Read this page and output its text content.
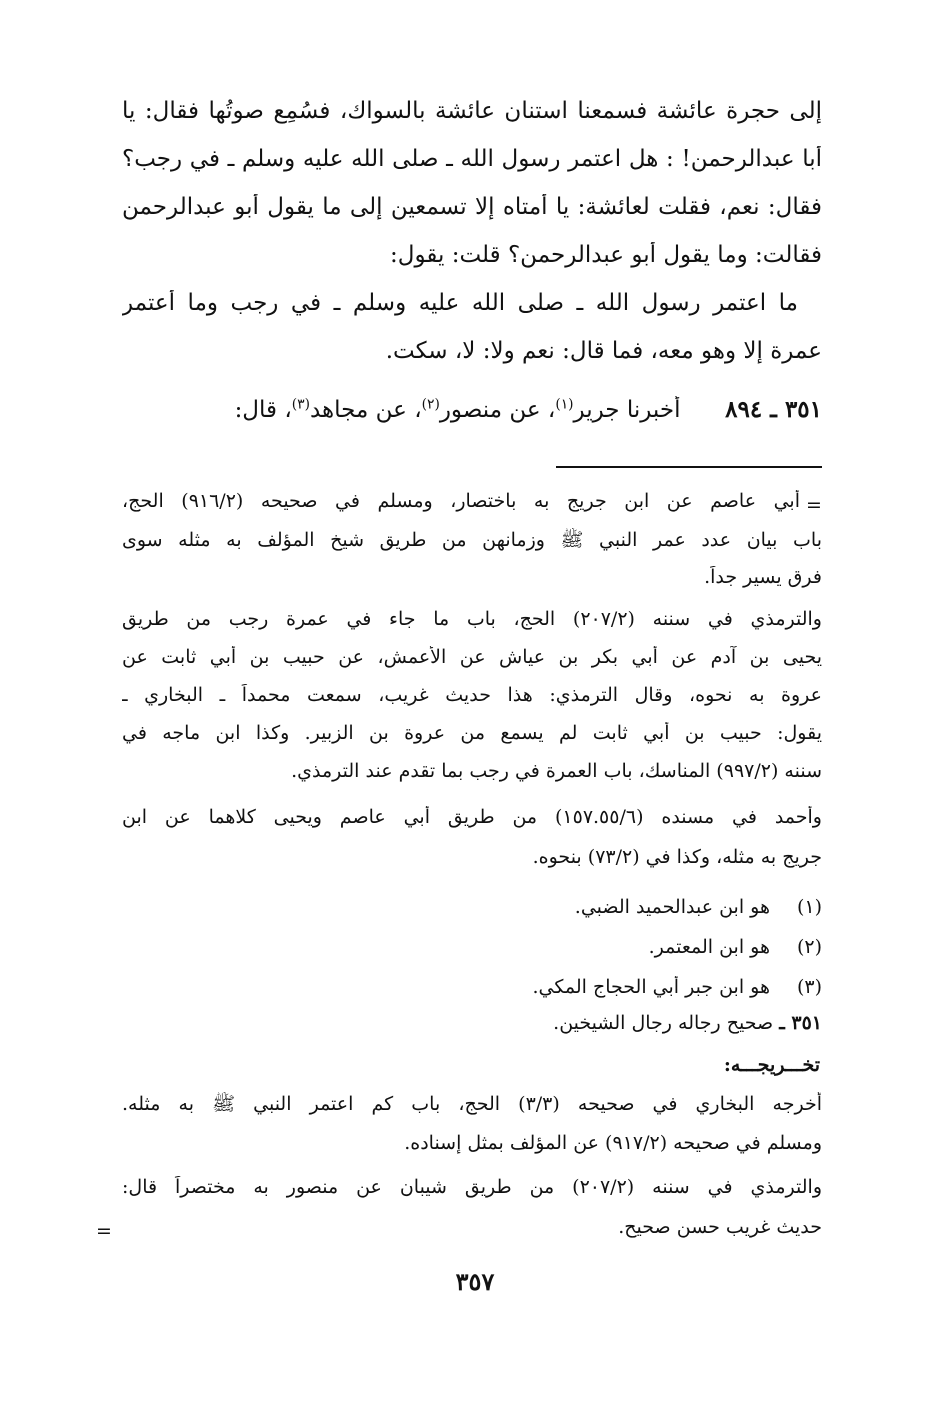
إلى حجرة عائشة فسمعنا استنان عائشة بالسواك، فسُمِع صوتُها فقال: يا
أبا عبدالرحمن! : هل اعتمر رسول الله ـ صلى الله عليه وسلم ـ في رجب؟
فقال: نعم، فقلت لعائشة: يا أمتاه إلا تسمعين إلى ما يقول أبو عبدالرحمن
فقالت: وما يقول أبو عبدالرحمن؟ قلت: يقول:
ما اعتمر رسول الله ـ صلى الله عليه وسلم ـ في رجب وما أعتمر
عمرة إلا وهو معه، فما قال: نعم ولا: لا، سكت.
٣٥١ ـ ٨٩٤  أخبرنا جرير$^{(١)}$، عن منصور$^{(٢)}$، عن مجاهد$^{(٣)}$، قال:
=
أبي عاصم عن ابن جريج به باختصار، ومسلم في صحيحه (٩١٦/٢) الحج،
باب بيان عدد عمر النبي ﷺ وزمانهن من طريق شيخ المؤلف به مثله سوى
فرق يسير جداً.
والترمذي في سننه (٢٠٧/٢) الحج، باب ما جاء في عمرة رجب من طريق
يحيى بن آدم عن أبي بكر بن عياش عن الأعمش، عن حبيب بن أبي ثابت عن
عروة به نحوه، وقال الترمذي: هذا حديث غريب، سمعت محمداً ـ البخاري ـ
يقول: حبيب بن أبي ثابت لم يسمع من عروة بن الزبير. وكذا ابن ماجه في
سننه (٩٩٧/٢) المناسك، باب العمرة في رجب بما تقدم عند الترمذي.
وأحمد في مسنده (١٥٧.٥٥/٦) من طريق أبي عاصم ويحيى كلاهما عن ابن
جريج به مثله، وكذا في (٧٣/٢) بنحوه.
(١)هو ابن عبدالحميد الضبي.
(٢)هو ابن المعتمر.
(٣)هو ابن جبر أبي الحجاج المكي.
٣٥١ ـ صحيح رجاله رجال الشيخين.
تخـــريجـــه:
أخرجه البخاري في صحيحه (٣/٣) الحج، باب كم اعتمر النبي ﷺ به مثله.
ومسلم في صحيحه (٩١٧/٢) عن المؤلف بمثل إسناده.
والترمذي في سننه (٢٠٧/٢) من طريق شيبان عن منصور به مختصراً قال:
حديث غريب حسن صحيح.
=
٣٥٧
